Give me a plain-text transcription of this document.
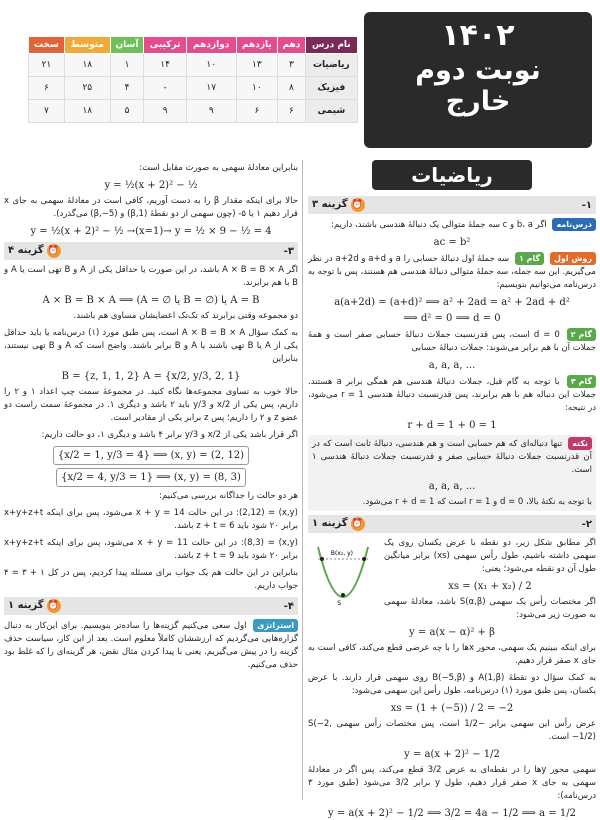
۱۴۰۲
نوبت دوم
خارج
نام درس	دهم	یازدهم	دوازدهم	ترکیبی	آسان	متوسط	سخت
ریاضیات	۳	۱۳	۱۰	۱۴	۱	۱۸	۲۱
فیزیک	۸	۱۰	۱۷	-	۴	۲۵	۶
شیمی	۶	۶	۹	۹	۵	۱۸	۷
ریاضیات
۱-
⏰گزینه ۳
درس‌نامه اگر b، a و c سه جملهٔ متوالی یک دنبالهٔ هندسی باشند، داریم:
ac = b²
روش اول گام ۱ سه جملهٔ اول دنبالهٔ حسابی را a و a+d و a+2d در نظر می‌گیریم. این سه جمله، سه جملهٔ متوالی دنبالهٔ هندسی هم هستند، پس با توجه به درس‌نامه می‌توانیم بنویسیم:
a(a+2d) = (a+d)² ⟹ a² + 2ad = a² + 2ad + d²
⟹ d² = 0 ⟹ d = 0
گام ۲ d = 0 است، پس قدرنسبت جملات دنبالهٔ حسابی صفر است و همهٔ جملات آن با هم برابر می‌شوند: جملات دنبالهٔ حسابی
a, a, a, ...
گام ۳ با توجه به گام قبل، جملات دنبالهٔ هندسی هم همگی برابر a هستند. جملات این دنباله هم با هم برابرند، پس قدرنسبت دنبالهٔ هندسی r = 1 می‌شود، در نتیجه:
r + d = 1 + 0 = 1
نکته تنها دنباله‌ای که هم حسابی است و هم هندسی، دنبالهٔ ثابت است که در آن قدرنسبت جملات دنبالهٔ حسابی صفر و قدرنسبت جملات دنبالهٔ هندسی ۱ است.
a, a, a, ...
با توجه به نکتهٔ بالا، d = 0 و r = 1 است که r + d = 1 می‌شود.
۲-
⏰گزینه ۱
B(x₂, y)
S
اگر مطابق شکل زیر، دو نقطه با عرض یکسان روی یک سهمی داشته باشیم، طول رأس سهمی (xs) برابر میانگین طول آن دو نقطه می‌شود؛ یعنی:
xs = (x₁ + x₂) / 2
اگر مختصات رأس یک سهمی S(α,β) باشد، معادلهٔ سهمی به صورت زیر می‌شود:
y = a(x − α)² + β
برای اینکه ببینیم یک سهمی، محور xها را با چه عرضی قطع می‌کند، کافی است به جای x صفر قرار دهیم.
به کمک سؤال دو نقطهٔ A(1,β) و B(−5,β) روی سهمی قرار دارند. با عرض یکسان، پس طبق مورد (۱) درس‌نامه، طول رأس این سهمی می‌شود:
xs = (1 + (−5)) / 2 = −2
عرض رأس این سهمی برابر −1/2 است، پس مختصات رأس سهمی S(−2, −1/2) است.
y = a(x + 2)² − 1/2
سهمی محور yها را در نقطه‌ای به عرض 3/2 قطع می‌کند، پس اگر در معادلهٔ سهمی به جای x صفر قرار دهیم، طول y برابر 3/2 می‌شود (طبق مورد ۳ درس‌نامه):
y = a(x + 2)² − 1/2 ⟹ 3/2 = 4a − 1/2 ⟹ a = 1/2
بنابراین معادلهٔ سهمی به صورت مقابل است:
y = ½(x + 2)² − ½
حالا برای اینکه مقدار β را به دست آوریم، کافی است در معادلهٔ سهمی به جای x قرار دهیم ۱ یا ۵- (چون سهمی از دو نقطهٔ (β,1) و (β,−5) می‌گذرد).
y = ½(x + 2)² − ½ →(x=1)→ y = ½ × 9 − ½ = 4
۳-
⏰گزینه ۴
اگر A × B = B × A باشد، در این صورت یا حداقل یکی از A و B تهی است یا A و B با هم برابرند.
A × B = B × A ⟹ (A = ∅ یا B = ∅) یا A = B
دو مجموعه وقتی برابرند که تک‌تک اعضایشان مساوی هم باشند.
به کمک سؤال A × B = B × A است، پس طبق مورد (۱) درس‌نامه یا باید حداقل یکی از A یا B تهی باشند یا A و B برابر باشند. واضح است که A و B تهی نیستند، بنابراین
B = {z, 1, 1, 2} A = {x/2, y/3, 2, 1}
حالا خوب به تساوی مجموعه‌ها نگاه کنید. در مجموعهٔ سمت چپ اعداد ۱ و ۲ را داریم، پس یکی از x/2 و y/3 باید ۲ باشد و دیگری ۱. در مجموعهٔ سمت راست دو عضو z و ۲ را داریم؛ پس z برابر یکی از مقادیر است.
اگر قرار باشد یکی از x/2 و y/3 برابر ۴ باشد و دیگری ۱، دو حالت داریم:
{x/2 = 1, y/3 = 4} ⟹ (x, y) = (2, 12)
{x/2 = 4, y/3 = 1} ⟹ (x, y) = (8, 3)
هر دو حالت را جداگانه بررسی می‌کنیم:
(x,y) = (2,12): در این حالت x + y = 14 می‌شود، پس برای اینکه x+y+z+t برابر ۲۰ شود باید z + t = 6 باشد.
(x,y) = (8,3): در این حالت x + y = 11 می‌شود، پس برای اینکه x+y+z+t برابر ۲۰ شود باید z + t = 9 باشد.
بنابراین در این حالت هم یک جواب برای مسئله پیدا کردیم، پس در کل ۱ + ۳ = ۴ جواب داریم.
۴-
⏰گزینه ۱
استراتژی اول سعی می‌کنیم گزینه‌ها را ساده‌تر بنویسیم. برای این‌کار به دنبال گزاره‌هایی می‌گردیم که ارزششان کاملاً معلوم است. بعد از این کار، سیاست حذف گزینه را در پیش می‌گیریم. یعنی با پیدا کردن مثال نقض، هر گزینه‌ای را که غلط بود حذف می‌کنیم.
